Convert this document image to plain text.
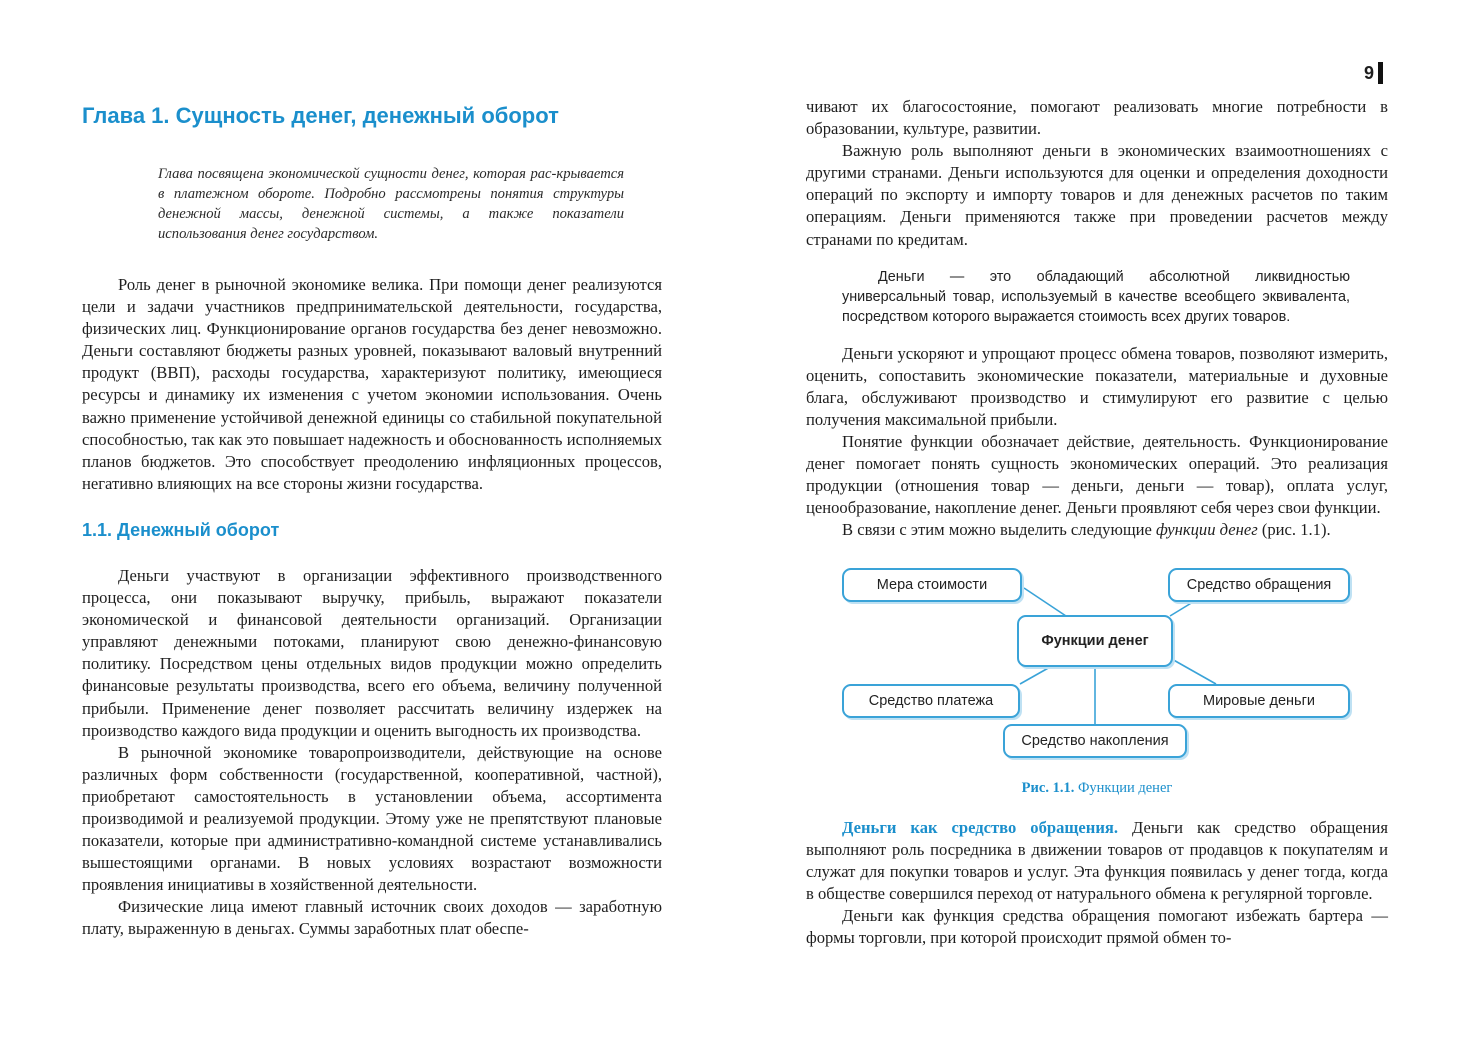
9
Глава 1. Сущность денег, денежный оборот

Глава посвящена экономической сущности денег, которая рас-крывается в платежном обороте. Подробно рассмотрены понятия структуры денежной массы, денежной системы, а также показатели использования денег государством.

Роль денег в рыночной экономике велика. При помощи денег реализуются цели и задачи участников предпринимательской деятельности, государства, физических лиц. Функционирование органов государства без денег невозможно. Деньги составляют бюджеты разных уровней, показывают валовый внутренний продукт (ВВП), расходы государства, характеризуют политику, имеющиеся ресурсы и динамику их изменения с учетом экономии использования. Очень важно применение устойчивой денежной единицы со стабильной покупательной способностью, так как это повышает надежность и обоснованность исполняемых планов бюджетов. Это способствует преодолению инфляционных процессов, негативно влияющих на все стороны жизни государства.

1.1. Денежный оборот

Деньги участвуют в организации эффективного производственного процесса, они показывают выручку, прибыль, выражают показатели экономической и финансовой деятельности организаций. Организации управляют денежными потоками, планируют свою денежно-финансовую политику. Посредством цены отдельных видов продукции можно определить финансовые результаты производства, всего его объема, величину полученной прибыли. Применение денег позволяет рассчитать величину издержек на производство каждого вида продукции и оценить выгодность их производства.

В рыночной экономике товаропроизводители, действующие на основе различных форм собственности (государственной, кооперативной, частной), приобретают самостоятельность в установлении объема, ассортимента производимой и реализуемой продукции. Этому уже не препятствуют плановые показатели, которые при административно-командной системе устанавливались вышестоящими органами. В новых условиях возрастают возможности проявления инициативы в хозяйственной деятельности.

Физические лица имеют главный источник своих доходов — заработную плату, выраженную в деньгах. Суммы заработных плат обеспе-

чивают их благосостояние, помогают реализовать многие потребности в образовании, культуре, развитии.

Важную роль выполняют деньги в экономических взаимоотношениях с другими странами. Деньги используются для оценки и определения доходности операций по экспорту и импорту товаров и для денежных расчетов по таким операциям. Деньги применяются также при проведении расчетов между странами по кредитам.

Деньги — это обладающий абсолютной ликвидностью универсальный товар, используемый в качестве всеобщего эквивалента, посредством которого выражается стоимость всех других товаров.

Деньги ускоряют и упрощают процесс обмена товаров, позволяют измерить, оценить, сопоставить экономические показатели, материальные и духовные блага, обслуживают производство и стимулируют его развитие с целью получения максимальной прибыли.

Понятие функции обозначает действие, деятельность. Функционирование денег помогает понять сущность экономических операций. Это реализация продукции (отношения товар — деньги, деньги — товар), оплата услуг, ценообразование, накопление денег. Деньги проявляют себя через свои функции.

В связи с этим можно выделить следующие функции денег (рис. 1.1).

Мера стоимости	Средство обращения
Функции денег
Средство платежа	Мировые деньги
Средство накопления

Рис. 1.1. Функции денег

Деньги как средство обращения. Деньги как средство обращения выполняют роль посредника в движении товаров от продавцов к покупателям и служат для покупки товаров и услуг. Эта функция появилась у денег тогда, когда в обществе совершился переход от натурального обмена к регулярной торговле.

Деньги как функция средства обращения помогают избежать бартера — формы торговли, при которой происходит прямой обмен то-
